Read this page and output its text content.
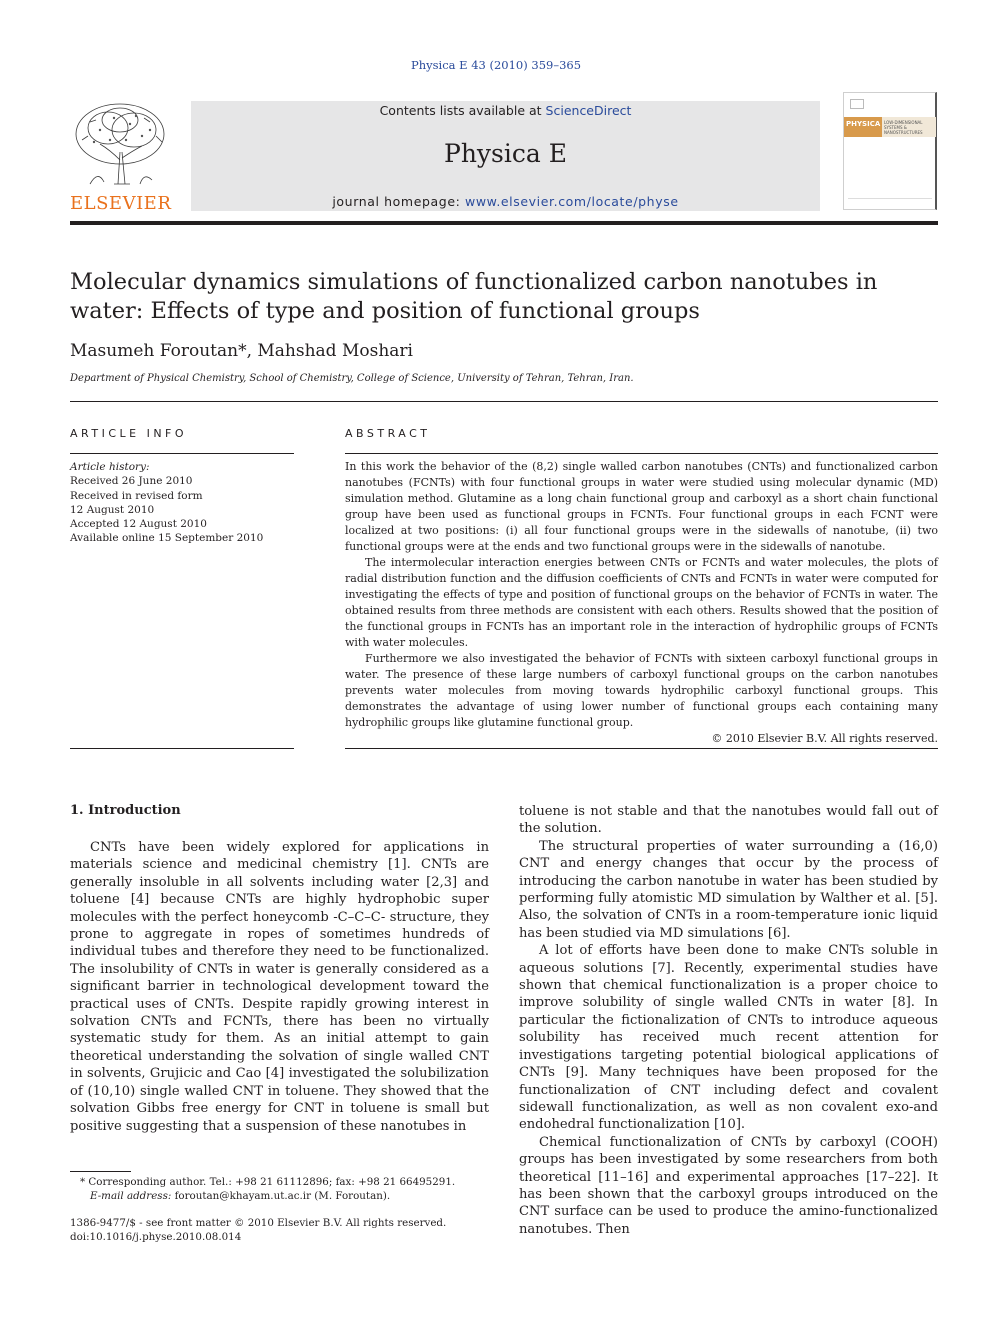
Physica E 43 (2010) 359–365
ELSEVIER
Contents lists available at ScienceDirect
Physica E
journal homepage: www.elsevier.com/locate/physe
PHYSICA LOW-DIMENSIONAL SYSTEMS & NANOSTRUCTURES
Molecular dynamics simulations of functionalized carbon nanotubes in water: Effects of type and position of functional groups
Masumeh Foroutan*, Mahshad Moshari
Department of Physical Chemistry, School of Chemistry, College of Science, University of Tehran, Tehran, Iran.
ARTICLE INFO
Article history:
Received 26 June 2010
Received in revised form
12 August 2010
Accepted 12 August 2010
Available online 15 September 2010
ABSTRACT

In this work the behavior of the (8,2) single walled carbon nanotubes (CNTs) and functionalized carbon nanotubes (FCNTs) with four functional groups in water were studied using molecular dynamic (MD) simulation method. Glutamine as a long chain functional group and carboxyl as a short chain functional group have been used as functional groups in FCNTs. Four functional groups in each FCNT were localized at two positions: (i) all four functional groups were in the sidewalls of nanotube, (ii) two functional groups were at the ends and two functional groups were in the sidewalls of nanotube.

The intermolecular interaction energies between CNTs or FCNTs and water molecules, the plots of radial distribution function and the diffusion coefficients of CNTs and FCNTs in water were computed for investigating the effects of type and position of functional groups on the behavior of FCNTs in water. The obtained results from three methods are consistent with each others. Results showed that the position of the functional groups in FCNTs has an important role in the interaction of hydrophilic groups of FCNTs with water molecules.

Furthermore we also investigated the behavior of FCNTs with sixteen carboxyl functional groups in water. The presence of these large numbers of carboxyl functional groups on the carbon nanotubes prevents water molecules from moving towards hydrophilic carboxyl functional groups. This demonstrates the advantage of using lower number of functional groups each containing many hydrophilic groups like glutamine functional group.

© 2010 Elsevier B.V. All rights reserved.
1. Introduction

CNTs have been widely explored for applications in materials science and medicinal chemistry [1]. CNTs are generally insoluble in all solvents including water [2,3] and toluene [4] because CNTs are highly hydrophobic super molecules with the perfect honeycomb -C–C–C- structure, they prone to aggregate in ropes of sometimes hundreds of individual tubes and therefore they need to be functionalized. The insolubility of CNTs in water is generally considered as a significant barrier in technological development toward the practical uses of CNTs. Despite rapidly growing interest in solvation CNTs and FCNTs, there has been no virtually systematic study for them. As an initial attempt to gain theoretical understanding the solvation of single walled CNT in solvents, Grujicic and Cao [4] investigated the solubilization of (10,10) single walled CNT in toluene. They showed that the solvation Gibbs free energy for CNT in toluene is small but positive suggesting that a suspension of these nanotubes in

toluene is not stable and that the nanotubes would fall out of the solution.

The structural properties of water surrounding a (16,0) CNT and energy changes that occur by the process of introducing the carbon nanotube in water has been studied by performing fully atomistic MD simulation by Walther et al. [5]. Also, the solvation of CNTs in a room-temperature ionic liquid has been studied via MD simulations [6].

A lot of efforts have been done to make CNTs soluble in aqueous solutions [7]. Recently, experimental studies have shown that chemical functionalization is a proper choice to improve solubility of single walled CNTs in water [8]. In particular the fictionalization of CNTs to introduce aqueous solubility has received much recent attention for investigations targeting potential biological applications of CNTs [9]. Many techniques have been proposed for the functionalization of CNT including defect and covalent sidewall functionalization, as well as non covalent exo-and endohedral functionalization [10].

Chemical functionalization of CNTs by carboxyl (COOH) groups has been investigated by some researchers from both theoretical [11–16] and experimental approaches [17–22]. It has been shown that the carboxyl groups introduced on the CNT surface can be used to produce the amino-functionalized nanotubes. Then

* Corresponding author. Tel.: +98 21 61112896; fax: +98 21 66495291.
E-mail address: foroutan@khayam.ut.ac.ir (M. Foroutan).
1386-9477/$ - see front matter © 2010 Elsevier B.V. All rights reserved.
doi:10.1016/j.physe.2010.08.014
